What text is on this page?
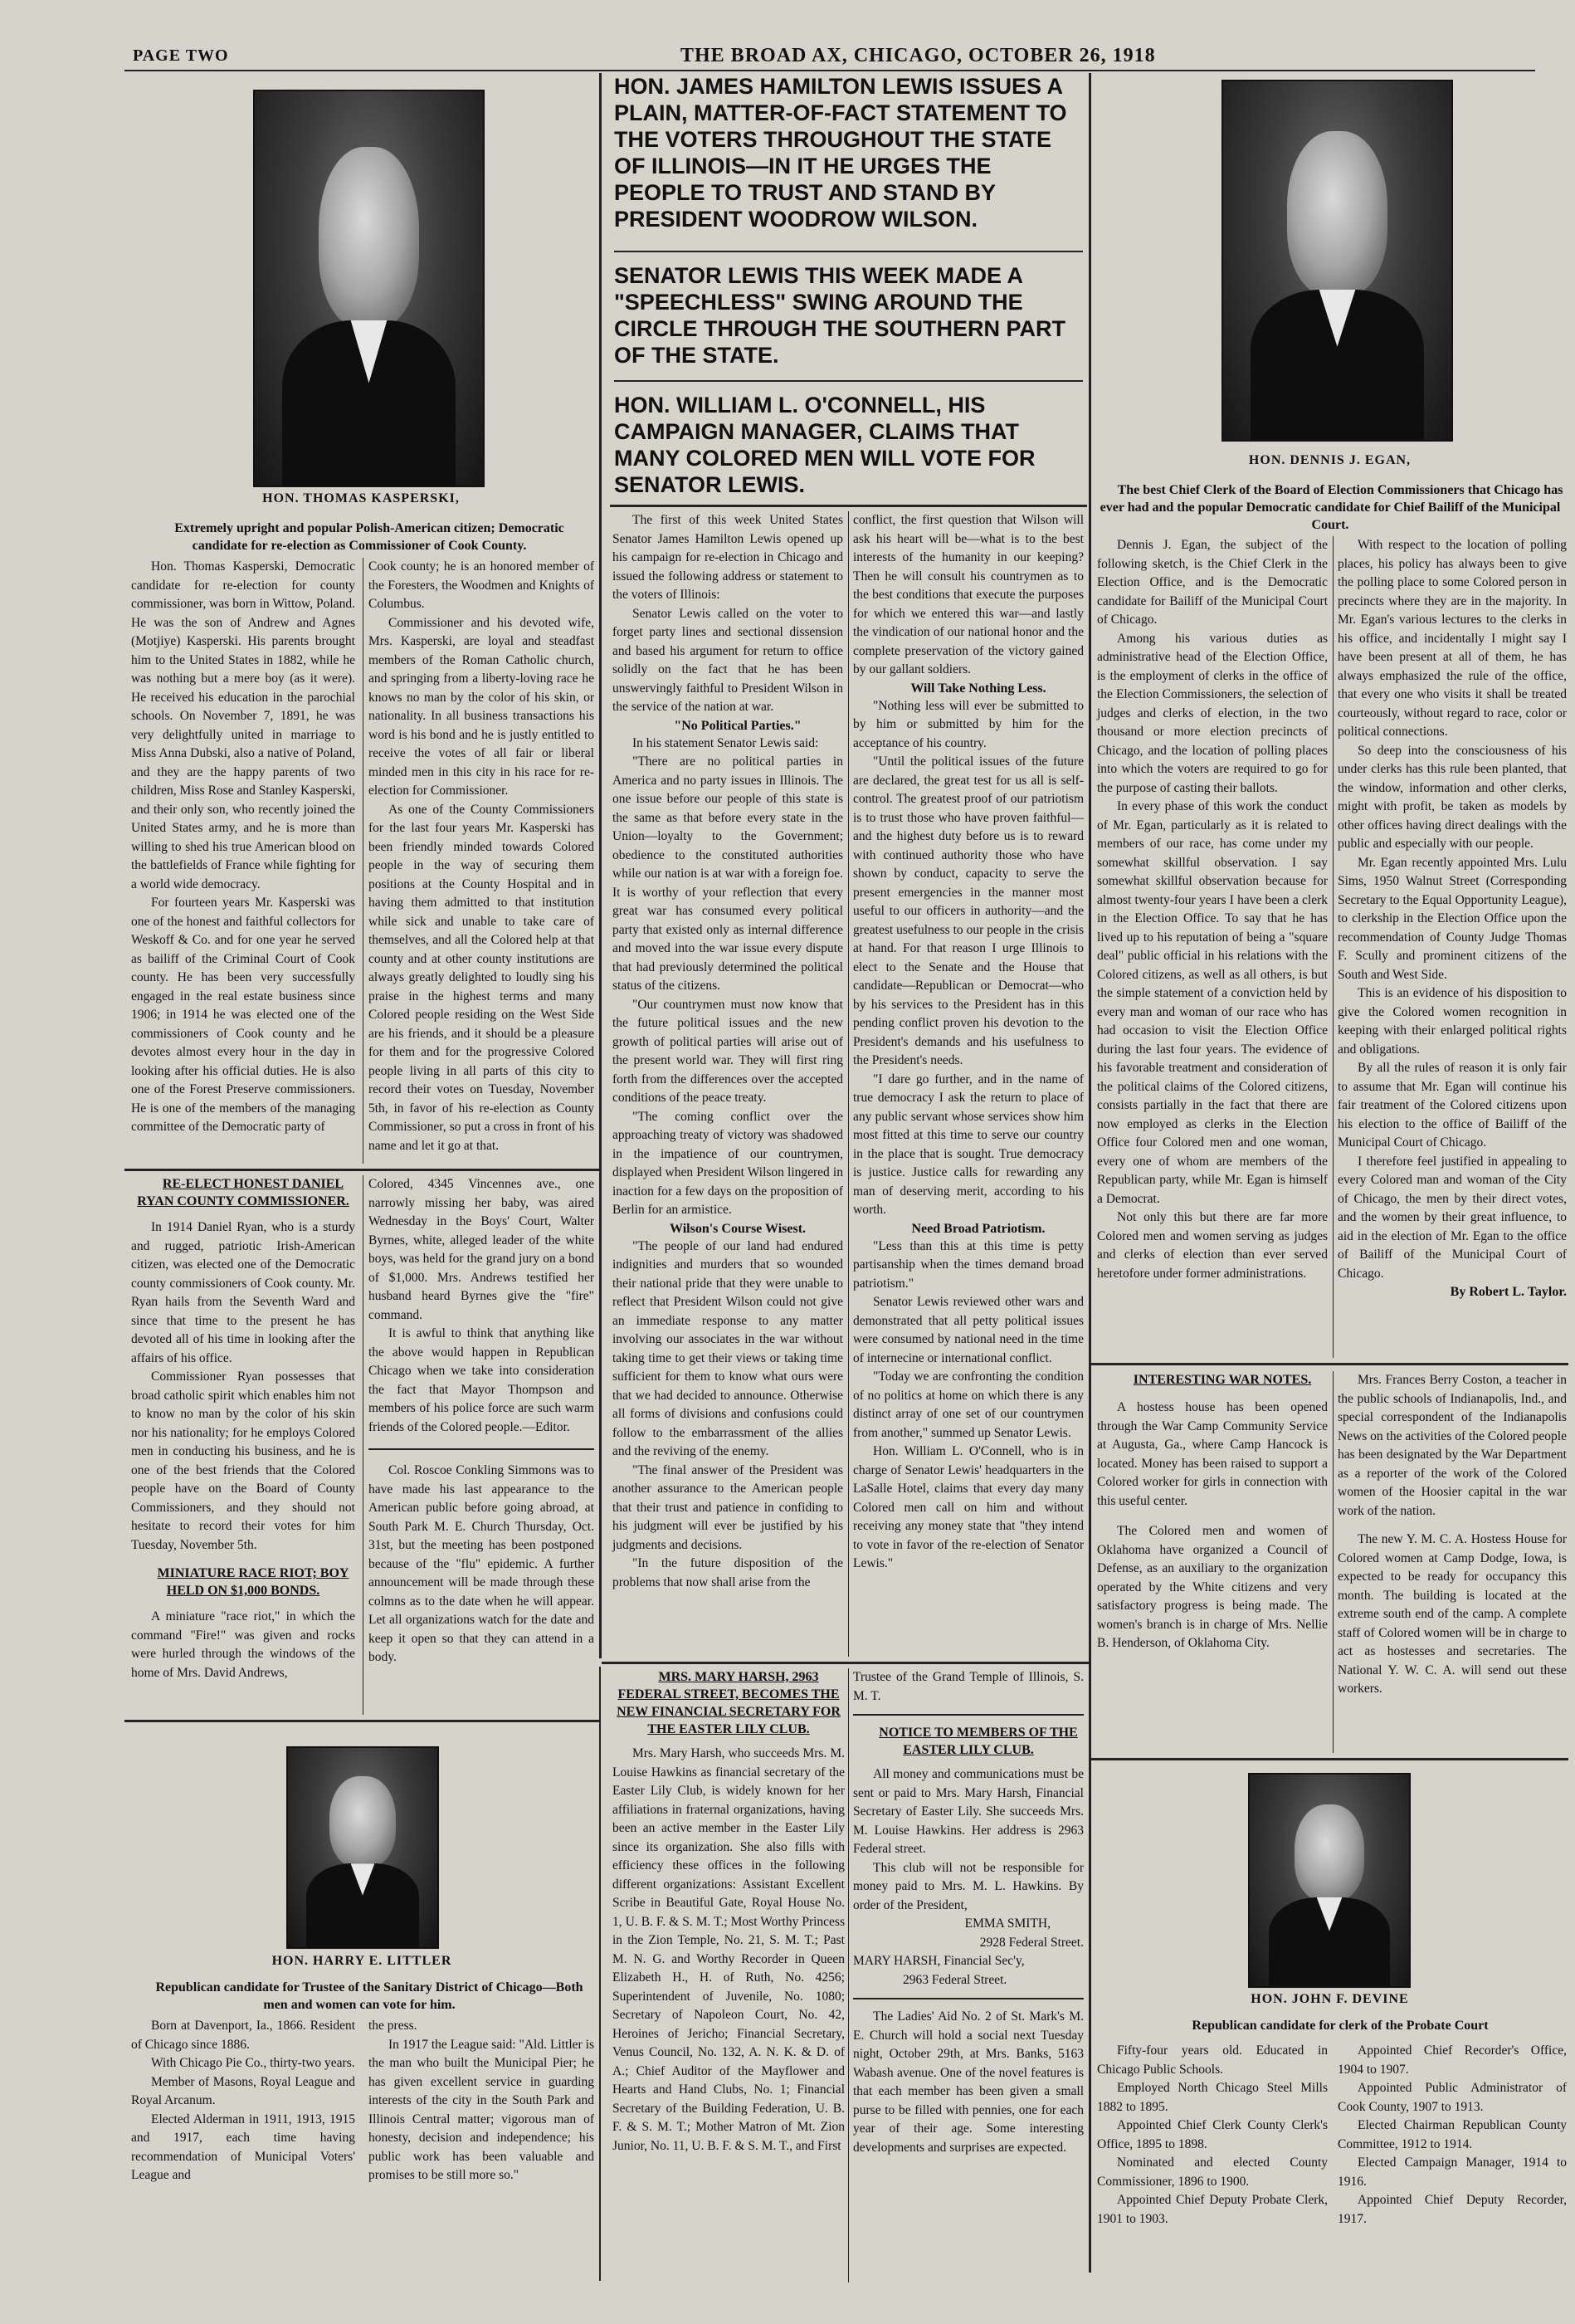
PAGE TWO	THE BROAD AX, CHICAGO, OCTOBER 26, 1918
HON. THOMAS KASPERSKI,

Extremely upright and popular Polish-American citizen; Democratic candidate for re-election as Commissioner of Cook County.

Hon. Thomas Kasperski, Democratic candidate for re-election for county commissioner, was born in Wittow, Poland. He was the son of Andrew and Agnes (Motjiye) Kasperski. His parents brought him to the United States in 1882, while he was nothing but a mere boy (as it were). He received his education in the parochial schools. On November 7, 1891, he was very delightfully united in marriage to Miss Anna Dubski, also a native of Poland, and they are the happy parents of two children, Miss Rose and Stanley Kasperski, and their only son, who recently joined the United States army, and he is more than willing to shed his true American blood on the battlefields of France while fighting for a world wide democracy.

For fourteen years Mr. Kasperski was one of the honest and faithful collectors for Weskoff & Co. and for one year he served as bailiff of the Criminal Court of Cook county. He has been very successfully engaged in the real estate business since 1906; in 1914 he was elected one of the commissioners of Cook county and he devotes almost every hour in the day in looking after his official duties. He is also one of the Forest Preserve commissioners. He is one of the members of the managing committee of the Democratic party of

Cook county; he is an honored member of the Foresters, the Woodmen and Knights of Columbus.

Commissioner and his devoted wife, Mrs. Kasperski, are loyal and steadfast members of the Roman Catholic church, and springing from a liberty-loving race he knows no man by the color of his skin, or nationality. In all business transactions his word is his bond and he is justly entitled to receive the votes of all fair or liberal minded men in this city in his race for re-election for Commissioner.

As one of the County Commissioners for the last four years Mr. Kasperski has been friendly minded towards Colored people in the way of securing them positions at the County Hospital and in having them admitted to that institution while sick and unable to take care of themselves, and all the Colored help at that county and at other county institutions are always greatly delighted to loudly sing his praise in the highest terms and many Colored people residing on the West Side are his friends, and it should be a pleasure for them and for the progressive Colored people living in all parts of this city to record their votes on Tuesday, November 5th, in favor of his re-election as County Commissioner, so put a cross in front of his name and let it go at that.

RE-ELECT HONEST DANIEL RYAN COUNTY COMMISSIONER.

In 1914 Daniel Ryan, who is a sturdy and rugged, patriotic Irish-American citizen, was elected one of the Democratic county commissioners of Cook county. Mr. Ryan hails from the Seventh Ward and since that time to the present he has devoted all of his time in looking after the affairs of his office.

Commissioner Ryan possesses that broad catholic spirit which enables him not to know no man by the color of his skin nor his nationality; for he employs Colored men in conducting his business, and he is one of the best friends that the Colored people have on the Board of County Commissioners, and they should not hesitate to record their votes for him Tuesday, November 5th.

MINIATURE RACE RIOT; BOY HELD ON $1,000 BONDS.

A miniature "race riot," in which the command "Fire!" was given and rocks were hurled through the windows of the home of Mrs. David Andrews,

Colored, 4345 Vincennes ave., one narrowly missing her baby, was aired Wednesday in the Boys' Court, Walter Byrnes, white, alleged leader of the white boys, was held for the grand jury on a bond of $1,000. Mrs. Andrews testified her husband heard Byrnes give the "fire" command.

It is awful to think that anything like the above would happen in Republican Chicago when we take into consideration the fact that Mayor Thompson and members of his police force are such warm friends of the Colored people.—Editor.

Col. Roscoe Conkling Simmons was to have made his last appearance to the American public before going abroad, at South Park M. E. Church Thursday, Oct. 31st, but the meeting has been postponed because of the "flu" epidemic. A further announcement will be made through these colmns as to the date when he will appear. Let all organizations watch for the date and keep it open so that they can attend in a body.

HON. HARRY E. LITTLER

Republican candidate for Trustee of the Sanitary District of Chicago—Both men and women can vote for him.

Born at Davenport, Ia., 1866. Resident of Chicago since 1886.

With Chicago Pie Co., thirty-two years.

Member of Masons, Royal League and Royal Arcanum.

Elected Alderman in 1911, 1913, 1915 and 1917, each time having recommendation of Municipal Voters' League and

the press.

In 1917 the League said: "Ald. Littler is the man who built the Municipal Pier; he has given excellent service in guarding interests of the city in the South Park and Illinois Central matter; vigorous man of honesty, decision and independence; his public work has been valuable and promises to be still more so."

HON. JAMES HAMILTON LEWIS ISSUES A PLAIN, MATTER-OF-FACT STATEMENT TO THE VOTERS THROUGHOUT THE STATE OF ILLINOIS—IN IT HE URGES THE PEOPLE TO TRUST AND STAND BY PRESIDENT WOODROW WILSON.
SENATOR LEWIS THIS WEEK MADE A "SPEECHLESS" SWING AROUND THE CIRCLE THROUGH THE SOUTHERN PART OF THE STATE.
HON. WILLIAM L. O'CONNELL, HIS CAMPAIGN MANAGER, CLAIMS THAT MANY COLORED MEN WILL VOTE FOR SENATOR LEWIS.

The first of this week United States Senator James Hamilton Lewis opened up his campaign for re-election in Chicago and issued the following address or statement to the voters of Illinois:

Senator Lewis called on the voter to forget party lines and sectional dissension and based his argument for return to office solidly on the fact that he has been unswervingly faithful to President Wilson in the service of the nation at war.

"No Political Parties."

In his statement Senator Lewis said:

"There are no political parties in America and no party issues in Illinois. The one issue before our people of this state is the same as that before every state in the Union—loyalty to the Government; obedience to the constituted authorities while our nation is at war with a foreign foe. It is worthy of your reflection that every great war has consumed every political party that existed only as internal difference and moved into the war issue every dispute that had previously determined the political status of the citizens.

"Our countrymen must now know that the future political issues and the new growth of political parties will arise out of the present world war. They will first ring forth from the differences over the accepted conditions of the peace treaty.

"The coming conflict over the approaching treaty of victory was shadowed in the impatience of our countrymen, displayed when President Wilson lingered in inaction for a few days on the proposition of Berlin for an armistice.

Wilson's Course Wisest.

"The people of our land had endured indignities and murders that so wounded their national pride that they were unable to reflect that President Wilson could not give an immediate response to any matter involving our associates in the war without taking time to get their views or taking time sufficient for them to know what ours were that we had decided to announce. Otherwise all forms of divisions and confusions could follow to the embarrassment of the allies and the reviving of the enemy.

"The final answer of the President was another assurance to the American people that their trust and patience in confiding to his judgment will ever be justified by his judgments and decisions.

"In the future disposition of the problems that now shall arise from the

conflict, the first question that Wilson will ask his heart will be—what is to the best interests of the humanity in our keeping? Then he will consult his countrymen as to the best conditions that execute the purposes for which we entered this war—and lastly the vindication of our national honor and the complete preservation of the victory gained by our gallant soldiers.

Will Take Nothing Less.

"Nothing less will ever be submitted to by him or submitted by him for the acceptance of his country.

"Until the political issues of the future are declared, the great test for us all is self-control. The greatest proof of our patriotism is to trust those who have proven faithful—and the highest duty before us is to reward with continued authority those who have shown by conduct, capacity to serve the present emergencies in the manner most useful to our officers in authority—and the greatest usefulness to our people in the crisis at hand. For that reason I urge Illinois to elect to the Senate and the House that candidate—Republican or Democrat—who by his services to the President has in this pending conflict proven his devotion to the President's demands and his usefulness to the President's needs.

"I dare go further, and in the name of true democracy I ask the return to place of any public servant whose services show him most fitted at this time to serve our country in the place that is sought. True democracy is justice. Justice calls for rewarding any man of deserving merit, according to his worth.

Need Broad Patriotism.

"Less than this at this time is petty partisanship when the times demand broad patriotism."

Senator Lewis reviewed other wars and demonstrated that all petty political issues were consumed by national need in the time of internecine or international conflict.

"Today we are confronting the condition of no politics at home on which there is any distinct array of one set of our countrymen from another," summed up Senator Lewis.

Hon. William L. O'Connell, who is in charge of Senator Lewis' headquarters in the LaSalle Hotel, claims that every day many Colored men call on him and without receiving any money state that "they intend to vote in favor of the re-election of Senator Lewis."

MRS. MARY HARSH, 2963 FEDERAL STREET, BECOMES THE NEW FINANCIAL SECRETARY FOR THE EASTER LILY CLUB.

Mrs. Mary Harsh, who succeeds Mrs. M. Louise Hawkins as financial secretary of the Easter Lily Club, is widely known for her affiliations in fraternal organizations, having been an active member in the Easter Lily since its organization. She also fills with efficiency these offices in the following different organizations: Assistant Excellent Scribe in Beautiful Gate, Royal House No. 1, U. B. F. & S. M. T.; Most Worthy Princess in the Zion Temple, No. 21, S. M. T.; Past M. N. G. and Worthy Recorder in Queen Elizabeth H., H. of Ruth, No. 4256; Superintendent of Juvenile, No. 1080; Secretary of Napoleon Court, No. 42, Heroines of Jericho; Financial Secretary, Venus Council, No. 132, A. N. K. & D. of A.; Chief Auditor of the Mayflower and Hearts and Hand Clubs, No. 1; Financial Secretary of the Building Federation, U. B. F. & S. M. T.; Mother Matron of Mt. Zion Junior, No. 11, U. B. F. & S. M. T., and First

Trustee of the Grand Temple of Illinois, S. M. T.

NOTICE TO MEMBERS OF THE EASTER LILY CLUB.

All money and communications must be sent or paid to Mrs. Mary Harsh, Financial Secretary of Easter Lily. She succeeds Mrs. M. Louise Hawkins. Her address is 2963 Federal street.

This club will not be responsible for money paid to Mrs. M. L. Hawkins. By order of the President,

EMMA SMITH,

2928 Federal Street.

MARY HARSH, Financial Sec'y,

2963 Federal Street.

The Ladies' Aid No. 2 of St. Mark's M. E. Church will hold a social next Tuesday night, October 29th, at Mrs. Banks, 5163 Wabash avenue. One of the novel features is that each member has been given a small purse to be filled with pennies, one for each year of their age. Some interesting developments and surprises are expected.

HON. DENNIS J. EGAN,

The best Chief Clerk of the Board of Election Commissioners that Chicago has ever had and the popular Democratic candidate for Chief Bailiff of the Municipal Court.

Dennis J. Egan, the subject of the following sketch, is the Chief Clerk in the Election Office, and is the Democratic candidate for Bailiff of the Municipal Court of Chicago.

Among his various duties as administrative head of the Election Office, is the employment of clerks in the office of the Election Commissioners, the selection of judges and clerks of election, in the two thousand or more election precincts of Chicago, and the location of polling places into which the voters are required to go for the purpose of casting their ballots.

In every phase of this work the conduct of Mr. Egan, particularly as it is related to members of our race, has come under my somewhat skillful observation. I say somewhat skillful observation because for almost twenty-four years I have been a clerk in the Election Office. To say that he has lived up to his reputation of being a "square deal" public official in his relations with the Colored citizens, as well as all others, is but the simple statement of a conviction held by every man and woman of our race who has had occasion to visit the Election Office during the last four years. The evidence of his favorable treatment and consideration of the political claims of the Colored citizens, consists partially in the fact that there are now employed as clerks in the Election Office four Colored men and one woman, every one of whom are members of the Republican party, while Mr. Egan is himself a Democrat.

Not only this but there are far more Colored men and women serving as judges and clerks of election than ever served heretofore under former administrations.

With respect to the location of polling places, his policy has always been to give the polling place to some Colored person in precincts where they are in the majority. In Mr. Egan's various lectures to the clerks in his office, and incidentally I might say I have been present at all of them, he has always emphasized the rule of the office, that every one who visits it shall be treated courteously, without regard to race, color or political connections.

So deep into the consciousness of his under clerks has this rule been planted, that the window, information and other clerks, might with profit, be taken as models by other offices having direct dealings with the public and especially with our people.

Mr. Egan recently appointed Mrs. Lulu Sims, 1950 Walnut Street (Corresponding Secretary to the Equal Opportunity League), to clerkship in the Election Office upon the recommendation of County Judge Thomas F. Scully and prominent citizens of the South and West Side.

This is an evidence of his disposition to give the Colored women recognition in keeping with their enlarged political rights and obligations.

By all the rules of reason it is only fair to assume that Mr. Egan will continue his fair treatment of the Colored citizens upon his election to the office of Bailiff of the Municipal Court of Chicago.

I therefore feel justified in appealing to every Colored man and woman of the City of Chicago, the men by their direct votes, and the women by their great influence, to aid in the election of Mr. Egan to the office of Bailiff of the Municipal Court of Chicago.

By Robert L. Taylor.

INTERESTING WAR NOTES.

A hostess house has been opened through the War Camp Community Service at Augusta, Ga., where Camp Hancock is located. Money has been raised to support a Colored worker for girls in connection with this useful center.

The Colored men and women of Oklahoma have organized a Council of Defense, as an auxiliary to the organization operated by the White citizens and very satisfactory progress is being made. The women's branch is in charge of Mrs. Nellie B. Henderson, of Oklahoma City.

Mrs. Frances Berry Coston, a teacher in the public schools of Indianapolis, Ind., and special correspondent of the Indianapolis News on the activities of the Colored people has been designated by the War Department as a reporter of the work of the Colored women of the Hoosier capital in the war work of the nation.

The new Y. M. C. A. Hostess House for Colored women at Camp Dodge, Iowa, is expected to be ready for occupancy this month. The building is located at the extreme south end of the camp. A complete staff of Colored women will be in charge to act as hostesses and secretaries. The National Y. W. C. A. will send out these workers.

HON. JOHN F. DEVINE

Republican candidate for clerk of the Probate Court

Fifty-four years old. Educated in Chicago Public Schools.

Employed North Chicago Steel Mills 1882 to 1895.

Appointed Chief Clerk County Clerk's Office, 1895 to 1898.

Nominated and elected County Commissioner, 1896 to 1900.

Appointed Chief Deputy Probate Clerk, 1901 to 1903.

Appointed Chief Recorder's Office, 1904 to 1907.

Appointed Public Administrator of Cook County, 1907 to 1913.

Elected Chairman Republican County Committee, 1912 to 1914.

Elected Campaign Manager, 1914 to 1916.

Appointed Chief Deputy Recorder, 1917.
